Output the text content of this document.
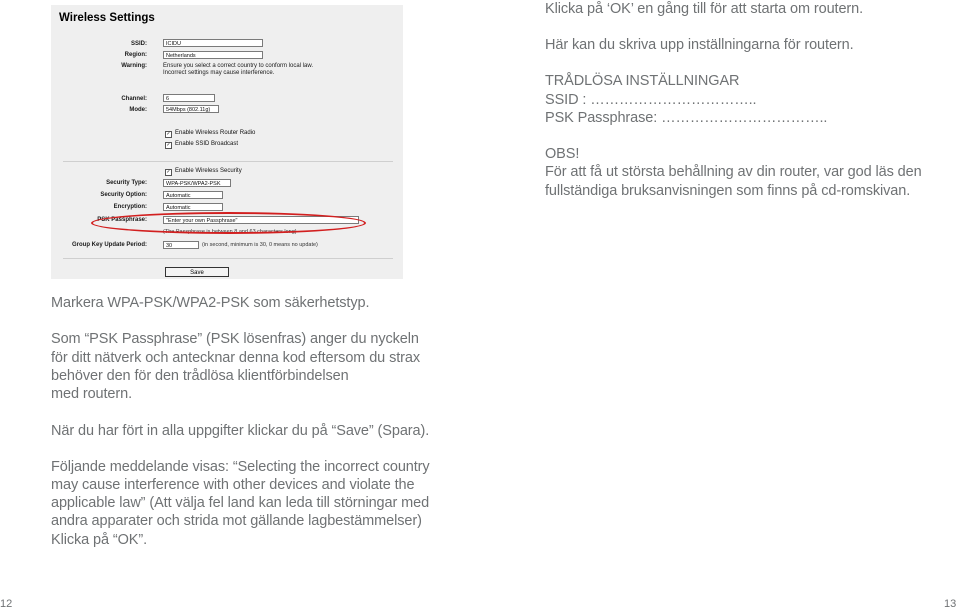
Wireless Settings
SSID:	ICIDU
Region:	Netherlands
Warning:	Ensure you select a correct country to conform local law.
Incorrect settings may cause interference.
Channel:	6
Mode:	54Mbps (802.11g)
✓ Enable Wireless Router Radio
✓ Enable SSID Broadcast
✓ Enable Wireless Security
Security Type:	WPA-PSK/WPA2-PSK
Security Option:	Automatic
Encryption:	Automatic
PSK Passphrase:	"Enter your own Passphrase"
(The Passphrase is between 8 and 63 characters long)
Group Key Update Period:	30	(in second, minimum is 30, 0 means no update)
Save

Klicka på ‘OK’ en gång till för att starta om routern.

Här kan du skriva upp inställningarna för routern.

TRÅDLÖSA INSTÄLLNINGAR

SSID : ……………………………..

PSK Passphrase: ……………………………..

OBS!

För att få ut största behållning av din router, var god läs den

fullständiga bruksanvisningen som finns på cd-romskivan.

Markera WPA-PSK/WPA2-PSK som säkerhetstyp.

Som “PSK Passphrase” (PSK lösenfras) anger du nyckeln

för ditt nätverk och antecknar denna kod eftersom du strax

behöver den för den trådlösa klientförbindelsen

med routern.

När du har fört in alla uppgifter klickar du på “Save” (Spara).

Följande meddelande visas: “Selecting the incorrect country

may cause interference with other devices and violate the

applicable law” (Att välja fel land kan leda till störningar med

andra apparater och strida mot gällande lagbestämmelser)

Klicka på “OK”.

12	13
